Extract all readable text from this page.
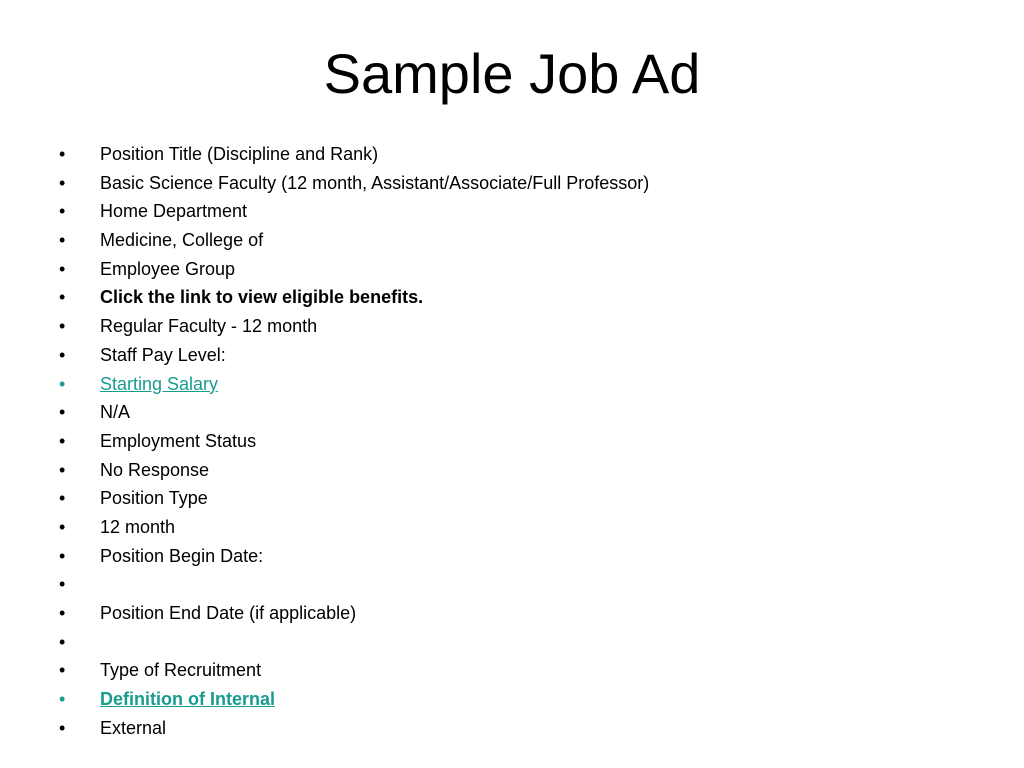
Sample Job Ad
•	Position Title (Discipline and Rank)
•	Basic Science Faculty (12 month, Assistant/Associate/Full Professor)
•	Home Department
•	Medicine, College of
•	Employee Group
•	Click the link to view eligible benefits.
•	Regular Faculty - 12 month
•	Staff Pay Level:
•	Starting Salary
•	N/A
•	Employment Status
•	No Response
•	Position Type
•	12 month
•	Position Begin Date:
•
•	Position End Date (if applicable)
•
•	Type of Recruitment
•	Definition of Internal
•	External
